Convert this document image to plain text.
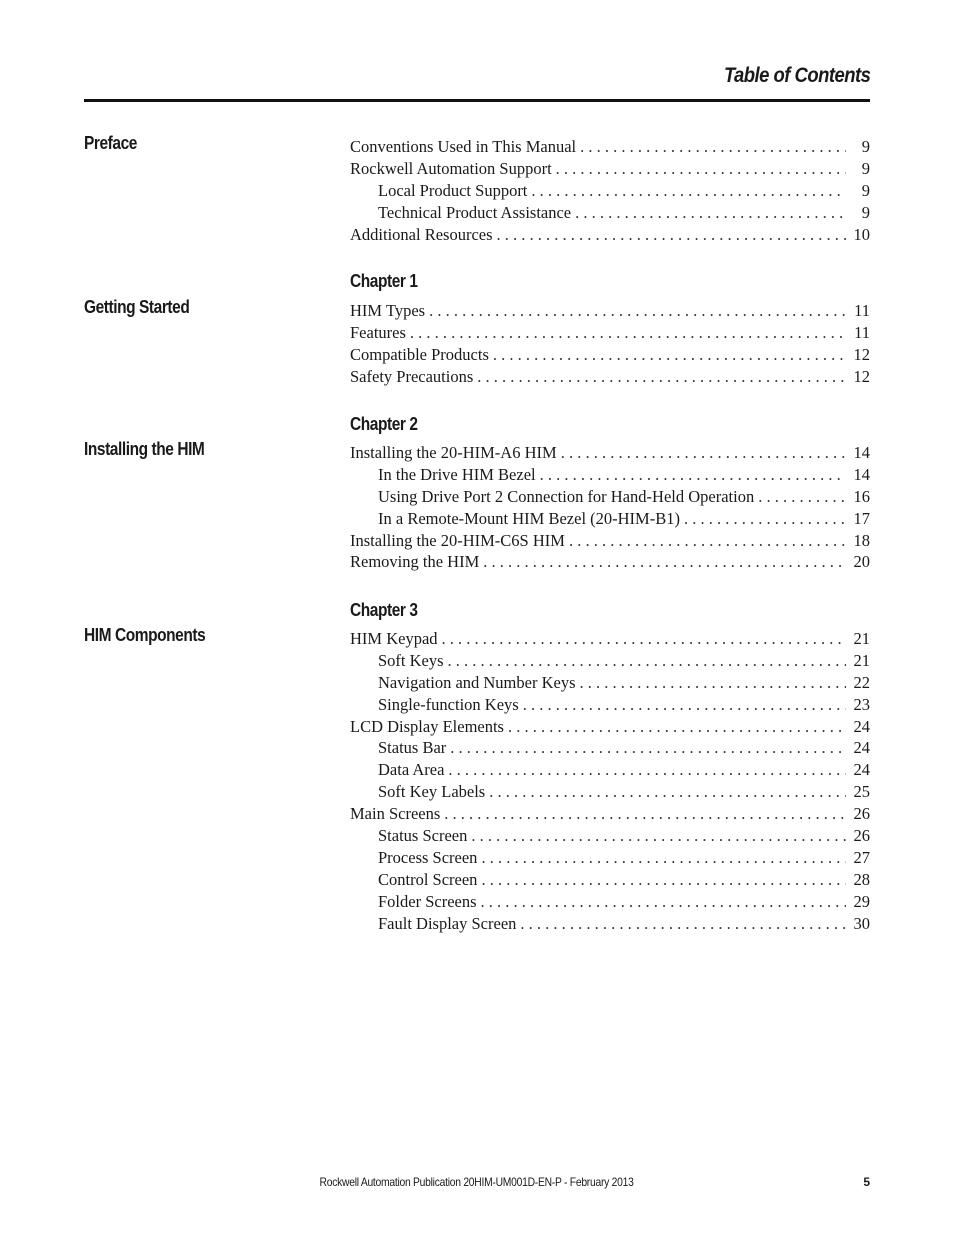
Table of Contents
Preface	Conventions Used in This Manual . . .	9
Rockwell Automation Support . . .	9
Local Product Support . . .	9
Technical Product Assistance . . .	9
Additional Resources . . .	10
Chapter 1
Getting Started	HIM Types . . .	11
Features . . .	11
Compatible Products . . .	12
Safety Precautions . . .	12
Chapter 2
Installing the HIM	Installing the 20-HIM-A6 HIM . . .	14
In the Drive HIM Bezel . . .	14
Using Drive Port 2 Connection for Hand-Held Operation . . .	16
In a Remote-Mount HIM Bezel (20-HIM-B1) . . .	17
Installing the 20-HIM-C6S HIM . . .	18
Removing the HIM . . .	20
Chapter 3
HIM Components	HIM Keypad . . .	21
Soft Keys . . .	21
Navigation and Number Keys . . .	22
Single-function Keys . . .	23
LCD Display Elements . . .	24
Status Bar . . .	24
Data Area . . .	24
Soft Key Labels . . .	25
Main Screens . . .	26
Status Screen . . .	26
Process Screen . . .	27
Control Screen . . .	28
Folder Screens . . .	29
Fault Display Screen . . .	30
Rockwell Automation Publication 20HIM-UM001D-EN-P - February 2013	5
